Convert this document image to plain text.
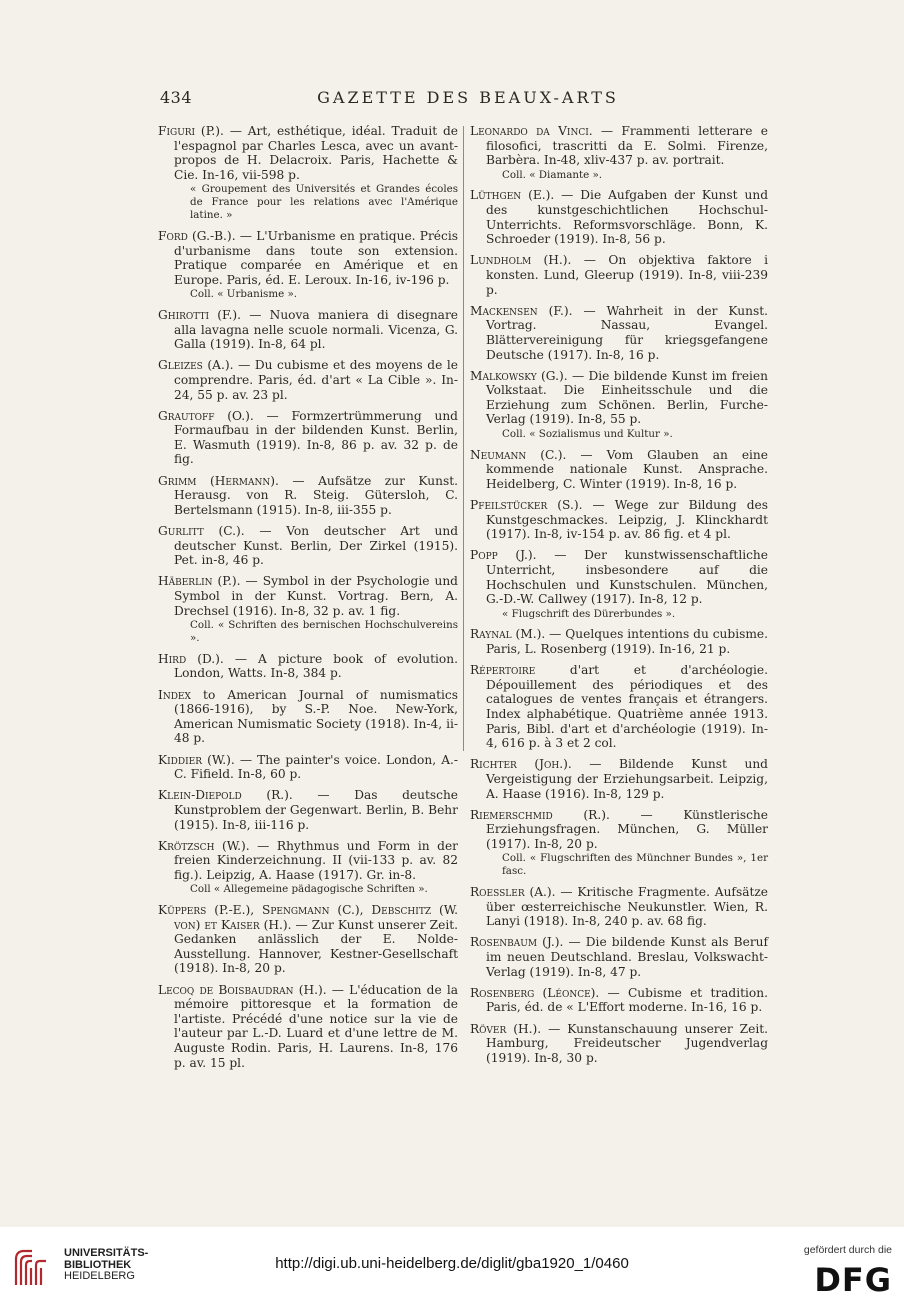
434	GAZETTE DES BEAUX-ARTS
Figuri (P.). — Art, esthétique, idéal. Traduit de l'espagnol par Charles Lesca, avec un avant-propos de H. Delacroix. Paris, Hachette & Cie. In-16, vii-598 p.
« Groupement des Universités et Grandes écoles de France pour les relations avec l'Amérique latine. »
Ford (G.-B.). — L'Urbanisme en pratique. Précis d'urbanisme dans toute son extension. Pratique comparée en Amérique et en Europe. Paris, éd. E. Leroux. In-16, iv-196 p.
Coll. « Urbanisme ».
Ghirotti (F.). — Nuova maniera di disegnare alla lavagna nelle scuole normali. Vicenza, G. Galla (1919). In-8, 64 pl.
Gleizes (A.). — Du cubisme et des moyens de le comprendre. Paris, éd. d'art « La Cible ». In-24, 55 p. av. 23 pl.
Grautoff (O.). — Formzertrümmerung und Formaufbau in der bildenden Kunst. Berlin, E. Wasmuth (1919). In-8, 86 p. av. 32 p. de fig.
Grimm (Hermann). — Aufsätze zur Kunst. Herausg. von R. Steig. Gütersloh, C. Bertelsmann (1915). In-8, iii-355 p.
Gurlitt (C.). — Von deutscher Art und deutscher Kunst. Berlin, Der Zirkel (1915). Pet. in-8, 46 p.
Häberlin (P.). — Symbol in der Psychologie und Symbol in der Kunst. Vortrag. Bern, A. Drechsel (1916). In-8, 32 p. av. 1 fig.
Coll. « Schriften des bernischen Hochschulvereins ».
Hird (D.). — A picture book of evolution. London, Watts. In-8, 384 p.
Index to American Journal of numismatics (1866-1916), by S.-P. Noe. New-York, American Numismatic Society (1918). In-4, ii-48 p.
Kiddier (W.). — The painter's voice. London, A.-C. Fifield. In-8, 60 p.
Klein-Diepold (R.). — Das deutsche Kunstproblem der Gegenwart. Berlin, B. Behr (1915). In-8, iii-116 p.
Krötzsch (W.). — Rhythmus und Form in der freien Kinderzeichnung. II (vii-133 p. av. 82 fig.). Leipzig, A. Haase (1917). Gr. in-8.
Coll « Allegemeine pädagogische Schriften ».
Küppers (P.-E.), Spengmann (C.), Debschitz (W. von) et Kaiser (H.). — Zur Kunst unserer Zeit. Gedanken anlässlich der E. Nolde-Ausstellung. Hannover, Kestner-Gesellschaft (1918). In-8, 20 p.
Lecoq de Boisbaudran (H.). — L'éducation de la mémoire pittoresque et la formation de l'artiste. Précédé d'une notice sur la vie de l'auteur par L.-D. Luard et d'une lettre de M. Auguste Rodin. Paris, H. Laurens. In-8, 176 p. av. 15 pl.
Leonardo da Vinci. — Frammenti letterare e filosofici, trascritti da E. Solmi. Firenze, Barbèra. In-48, xliv-437 p. av. portrait.
Coll. « Diamante ».
Lüthgen (E.). — Die Aufgaben der Kunst und des kunstgeschichtlichen Hochschul-Unterrichts. Reformsvorschläge. Bonn, K. Schroeder (1919). In-8, 56 p.
Lundholm (H.). — On objektiva faktore i konsten. Lund, Gleerup (1919). In-8, viii-239 p.
Mackensen (F.). — Wahrheit in der Kunst. Vortrag. Nassau, Evangel. Blättervereinigung für kriegsgefangene Deutsche (1917). In-8, 16 p.
Malkowsky (G.). — Die bildende Kunst im freien Volkstaat. Die Einheitsschule und die Erziehung zum Schönen. Berlin, Furche-Verlag (1919). In-8, 55 p.
Coll. « Sozialismus und Kultur ».
Neumann (C.). — Vom Glauben an eine kommende nationale Kunst. Ansprache. Heidelberg, C. Winter (1919). In-8, 16 p.
Pfeilstücker (S.). — Wege zur Bildung des Kunstgeschmackes. Leipzig, J. Klinckhardt (1917). In-8, iv-154 p. av. 86 fig. et 4 pl.
Popp (J.). — Der kunstwissenschaftliche Unterricht, insbesondere auf die Hochschulen und Kunstschulen. München, G.-D.-W. Callwey (1917). In-8, 12 p.
« Flugschrift des Dürerbundes ».
Raynal (M.). — Quelques intentions du cubisme. Paris, L. Rosenberg (1919). In-16, 21 p.
Répertoire d'art et d'archéologie. Dépouillement des périodiques et des catalogues de ventes français et étrangers. Index alphabétique. Quatrième année 1913. Paris, Bibl. d'art et d'archéologie (1919). In-4, 616 p. à 3 et 2 col.
Richter (Joh.). — Bildende Kunst und Vergeistigung der Erziehungsarbeit. Leipzig, A. Haase (1916). In-8, 129 p.
Riemerschmid (R.). — Künstlerische Erziehungsfragen. München, G. Müller (1917). In-8, 20 p.
Coll. « Flugschriften des Münchner Bundes », 1er fasc.
Roessler (A.). — Kritische Fragmente. Aufsätze über œsterreichische Neukunstler. Wien, R. Lanyi (1918). In-8, 240 p. av. 68 fig.
Rosenbaum (J.). — Die bildende Kunst als Beruf im neuen Deutschland. Breslau, Volkswacht-Verlag (1919). In-8, 47 p.
Rosenberg (Léonce). — Cubisme et tradition. Paris, éd. de « L'Effort moderne. In-16, 16 p.
Röver (H.). — Kunstanschauung unserer Zeit. Hamburg, Freideutscher Jugendverlag (1919). In-8, 30 p.
UNIVERSITÄTS-
BIBLIOTHEK
HEIDELBERG
http://digi.ub.uni-heidelberg.de/diglit/gba1920_1/0460
gefördert durch die
DFG
